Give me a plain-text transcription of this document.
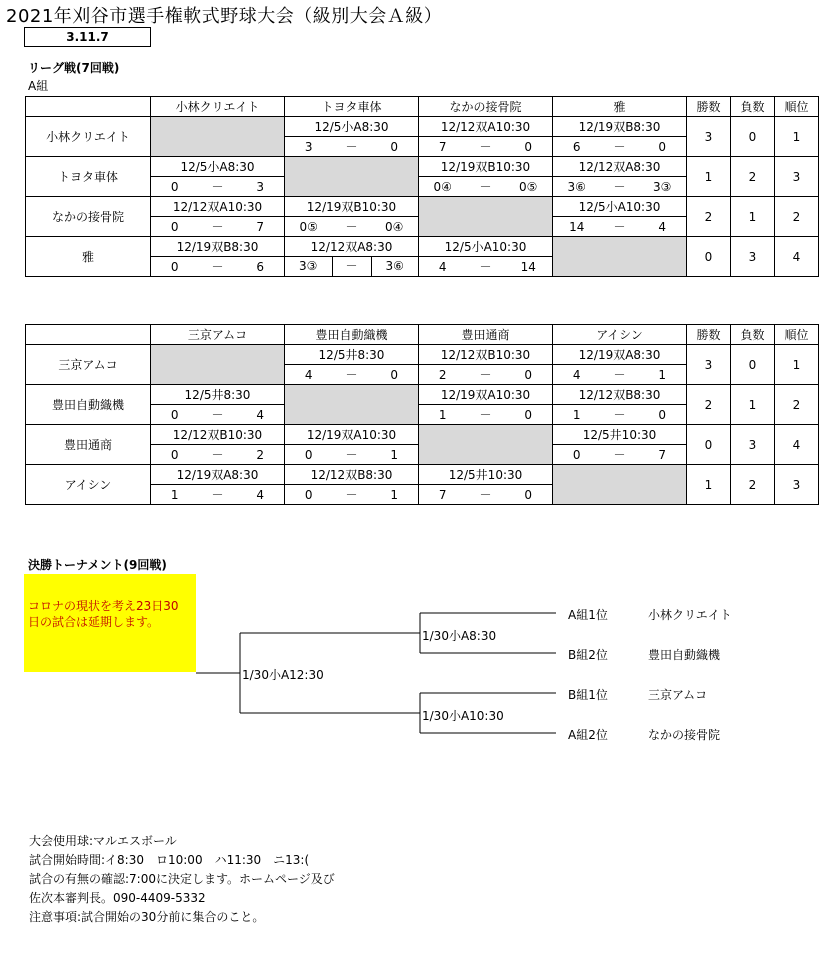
2021年刈谷市選手権軟式野球大会（級別大会Ａ級）
3.11.7
リーグ戦(7回戦)
A組
	小林クリエイト	トヨタ車体	なかの接骨院	雅	勝数	負数	順位
小林クリエイト		12/5小A8:30	12/12双A10:30	12/19双B8:30	3	0	1

		3 － 0	7 － 0	6 － 0			

トヨタ車体	12/5小A8:30		12/19双B10:30	12/12双A8:30	1	2	3

	0 － 3		0④ － 0⑤	3⑥ － 3③			

なかの接骨院	12/12双A10:30	12/19双B10:30		12/5小A10:30	2	1	2

	0 － 7	0⑤ － 0④		14 － 4			

雅	12/19双B8:30	12/12双A8:30	12/5小A10:30		0	3	4

	0 － 6	3③ － 3⑥	4 － 14				
	三京アムコ	豊田自動織機	豊田通商	アイシン	勝数	負数	順位
三京アムコ		12/5井8:30	12/12双B10:30	12/19双A8:30	3	0	1

		4 － 0	2 － 0	4 － 1			

豊田自動織機	12/5井8:30		12/19双A10:30	12/12双B8:30	2	1	2

	0 － 4		1 － 0	1 － 0			

豊田通商	12/12双B10:30	12/19双A10:30		12/5井10:30	0	3	4

	0 － 2	0 － 1		0 － 7			

アイシン	12/19双A8:30	12/12双B8:30	12/5井10:30		1	2	3

	1 － 4	0 － 1	7 － 0				
決勝トーナメント(9回戦)
コロナの現状を考え23日30日の試合は延期します。
1/30小A12:30
1/30小A8:30
1/30小A10:30
A組1位	小林クリエイト
B組2位	豊田自動織機
B組1位	三京アムコ
A組2位	なかの接骨院
大会使用球:マルエスボール
試合開始時間:イ8:30　ロ10:00　ハ11:30　ニ13:(
試合の有無の確認:7:00に決定します。ホームページ及び
佐次本審判長。090-4409-5332
注意事項:試合開始の30分前に集合のこと。
